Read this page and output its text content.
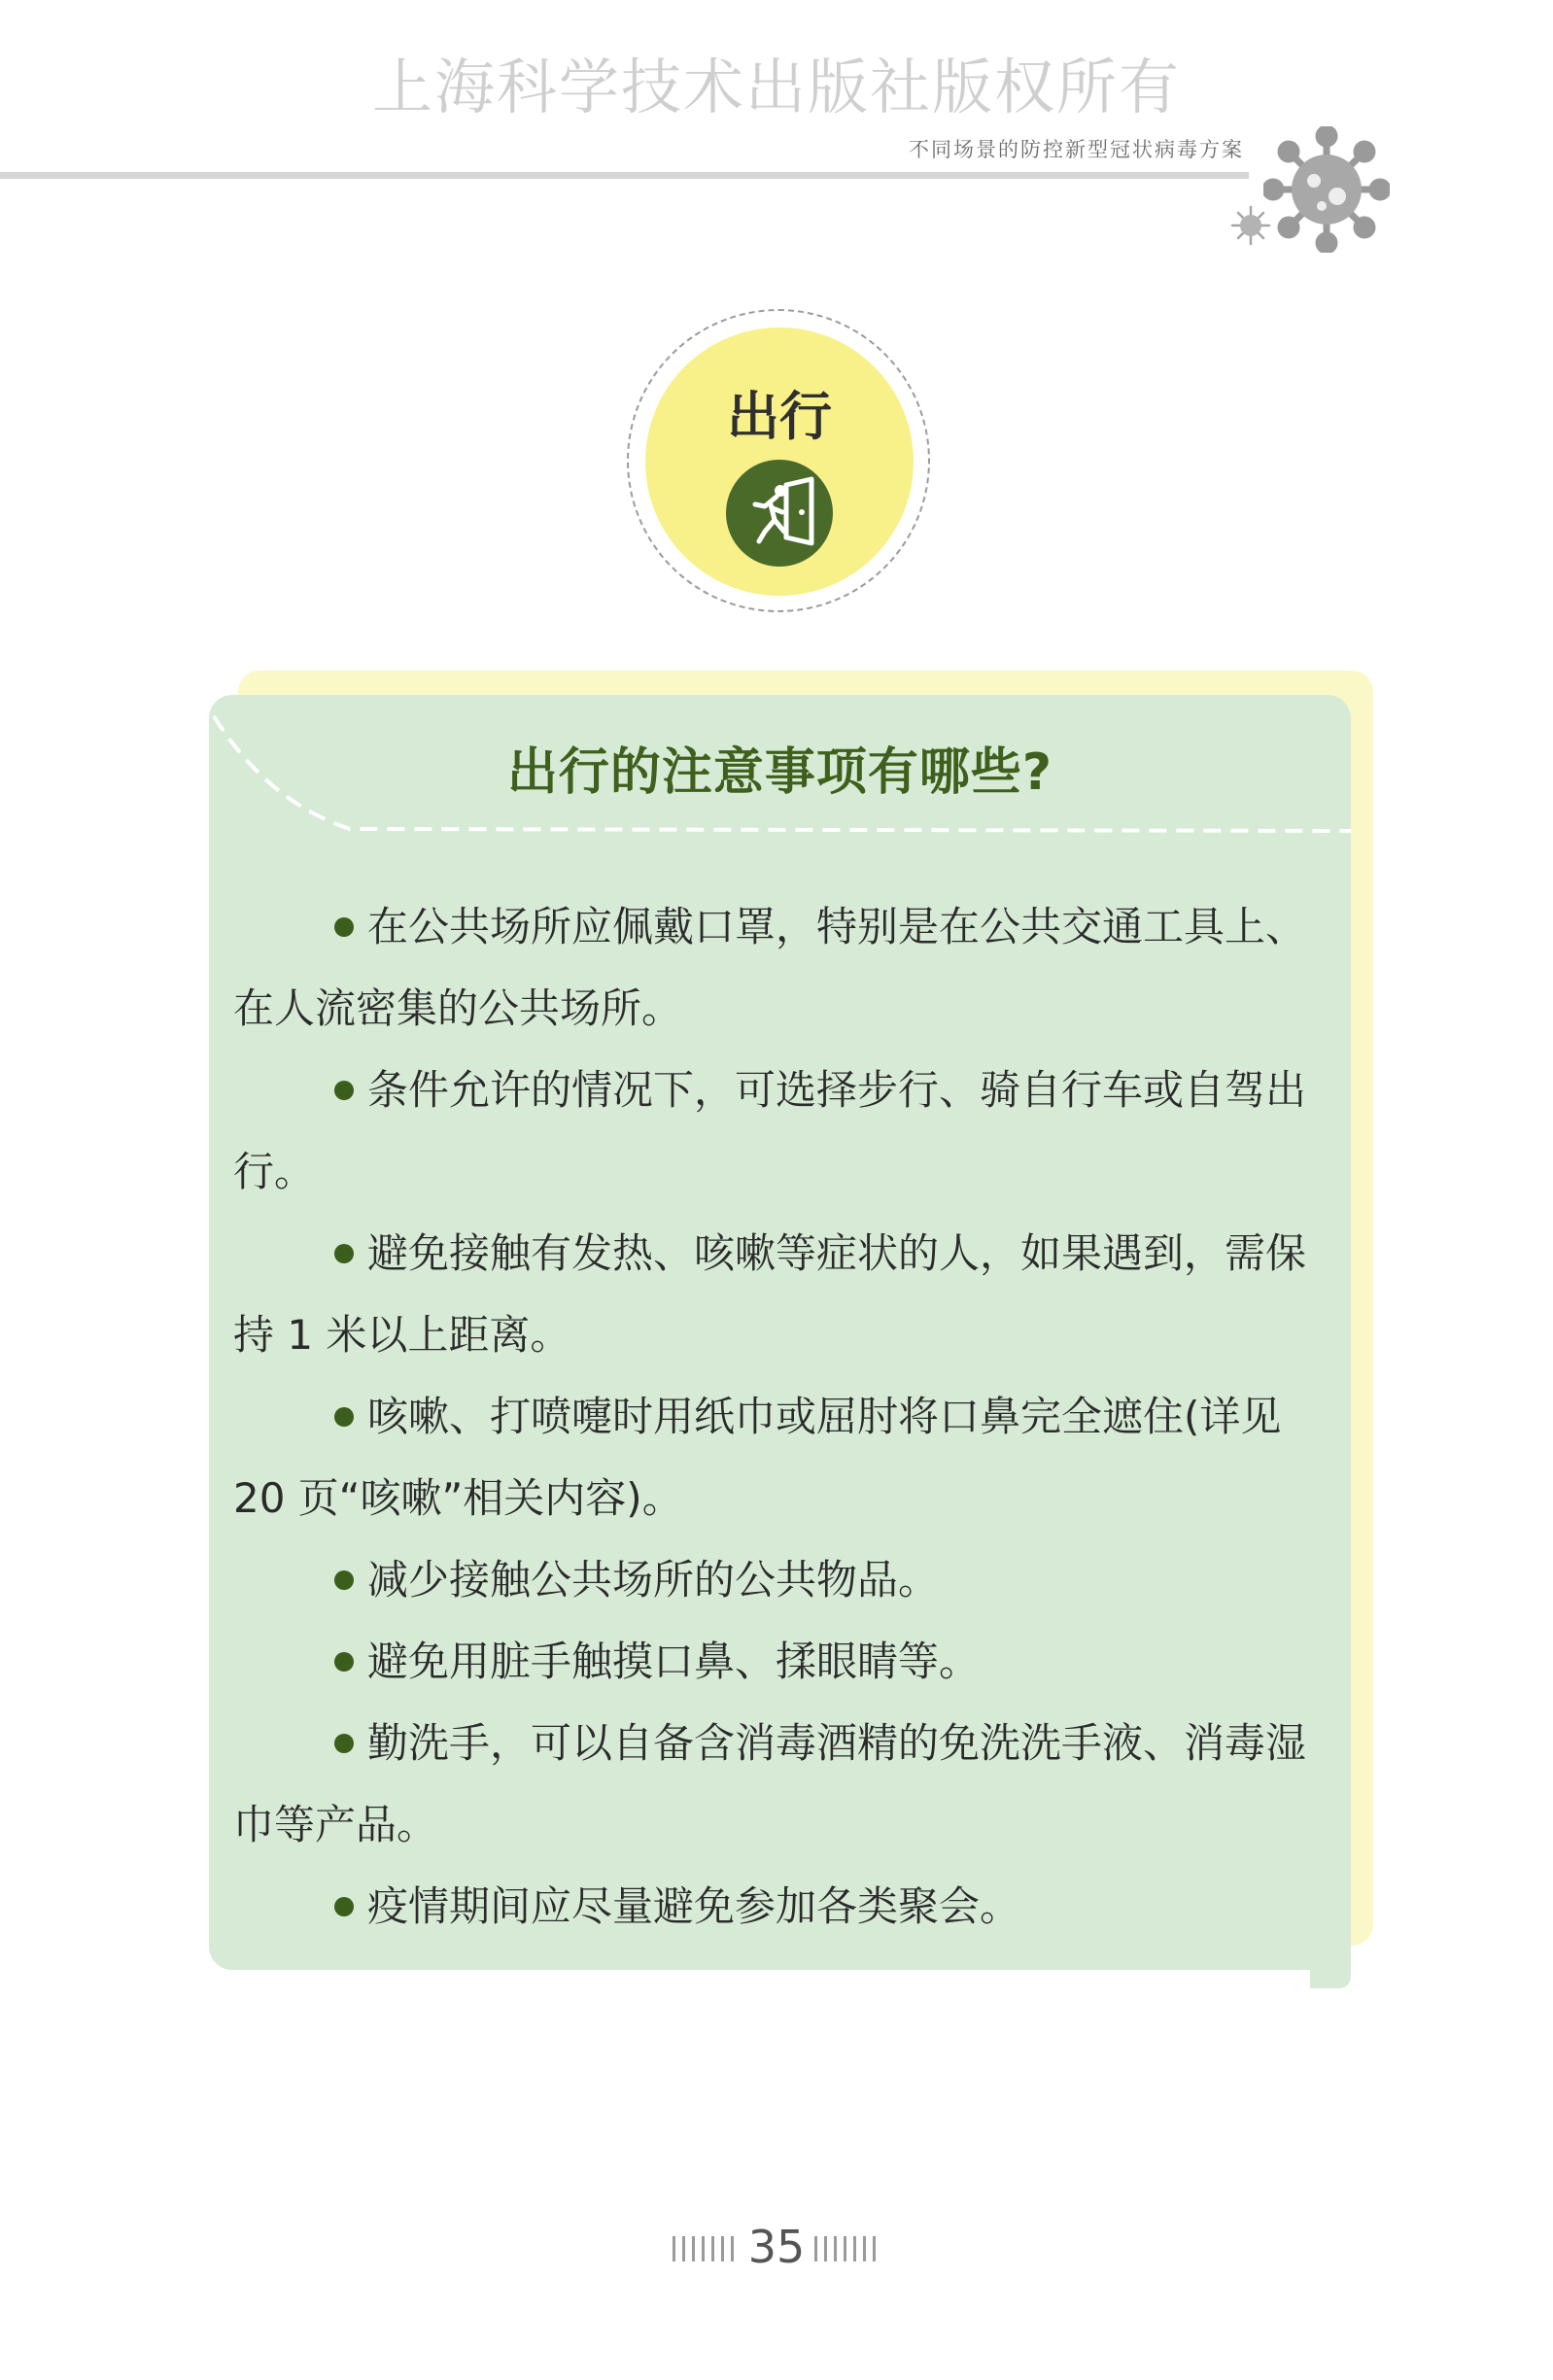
上海科学技术出版社版权所有
不同场景的防控新型冠状病毒方案
出行
出行的注意事项有哪些?
在公共场所应佩戴口罩，特别是在公共交通工具上、在人流密集的公共场所。
条件允许的情况下，可选择步行、骑自行车或自驾出行。
避免接触有发热、咳嗽等症状的人，如果遇到，需保持 1 米以上距离。
咳嗽、打喷嚏时用纸巾或屈肘将口鼻完全遮住(详见 20 页“咳嗽”相关内容)。
减少接触公共场所的公共物品。
避免用脏手触摸口鼻、揉眼睛等。
勤洗手，可以自备含消毒酒精的免洗洗手液、消毒湿巾等产品。
疫情期间应尽量避免参加各类聚会。
35
